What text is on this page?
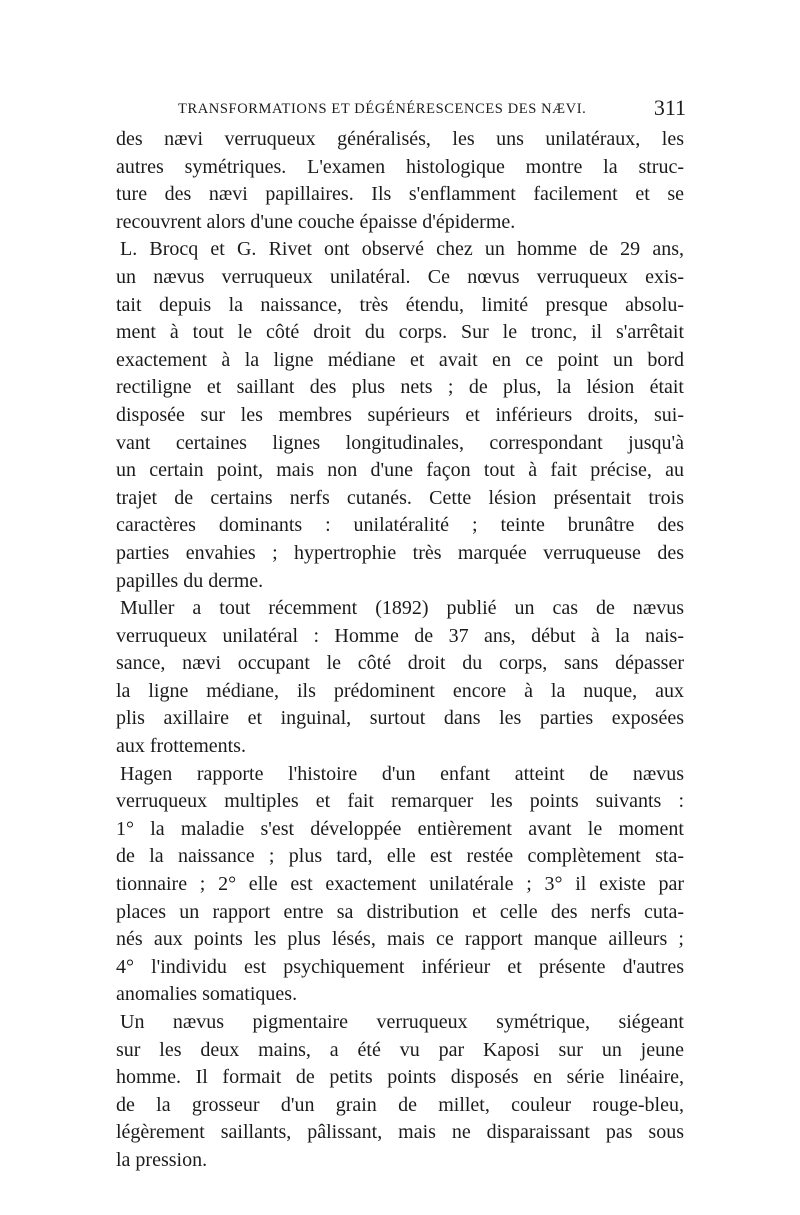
TRANSFORMATIONS ET DÉGÉNÉRESCENCES DES NÆVI.	311
des nævi verruqueux généralisés, les uns unilatéraux, les
autres symétriques. L'examen histologique montre la struc-
ture des nævi papillaires. Ils s'enflamment facilement et se
recouvrent alors d'une couche épaisse d'épiderme.
L. Brocq et G. Rivet ont observé chez un homme de 29 ans,
un nævus verruqueux unilatéral. Ce nœvus verruqueux exis-
tait depuis la naissance, très étendu, limité presque absolu-
ment à tout le côté droit du corps. Sur le tronc, il s'arrêtait
exactement à la ligne médiane et avait en ce point un bord
rectiligne et saillant des plus nets ; de plus, la lésion était
disposée sur les membres supérieurs et inférieurs droits, sui-
vant certaines lignes longitudinales, correspondant jusqu'à
un certain point, mais non d'une façon tout à fait précise, au
trajet de certains nerfs cutanés. Cette lésion présentait trois
caractères dominants : unilatéralité ; teinte brunâtre des
parties envahies ; hypertrophie très marquée verruqueuse des
papilles du derme.
Muller a tout récemment (1892) publié un cas de nævus
verruqueux unilatéral : Homme de 37 ans, début à la nais-
sance, nævi occupant le côté droit du corps, sans dépasser
la ligne médiane, ils prédominent encore à la nuque, aux
plis axillaire et inguinal, surtout dans les parties exposées
aux frottements.
Hagen rapporte l'histoire d'un enfant atteint de nævus
verruqueux multiples et fait remarquer les points suivants :
1° la maladie s'est développée entièrement avant le moment
de la naissance ; plus tard, elle est restée complètement sta-
tionnaire ; 2° elle est exactement unilatérale ; 3° il existe par
places un rapport entre sa distribution et celle des nerfs cuta-
nés aux points les plus lésés, mais ce rapport manque ailleurs ;
4° l'individu est psychiquement inférieur et présente d'autres
anomalies somatiques.
Un nævus pigmentaire verruqueux symétrique, siégeant
sur les deux mains, a été vu par Kaposi sur un jeune
homme. Il formait de petits points disposés en série linéaire,
de la grosseur d'un grain de millet, couleur rouge-bleu,
légèrement saillants, pâlissant, mais ne disparaissant pas sous
la pression.
